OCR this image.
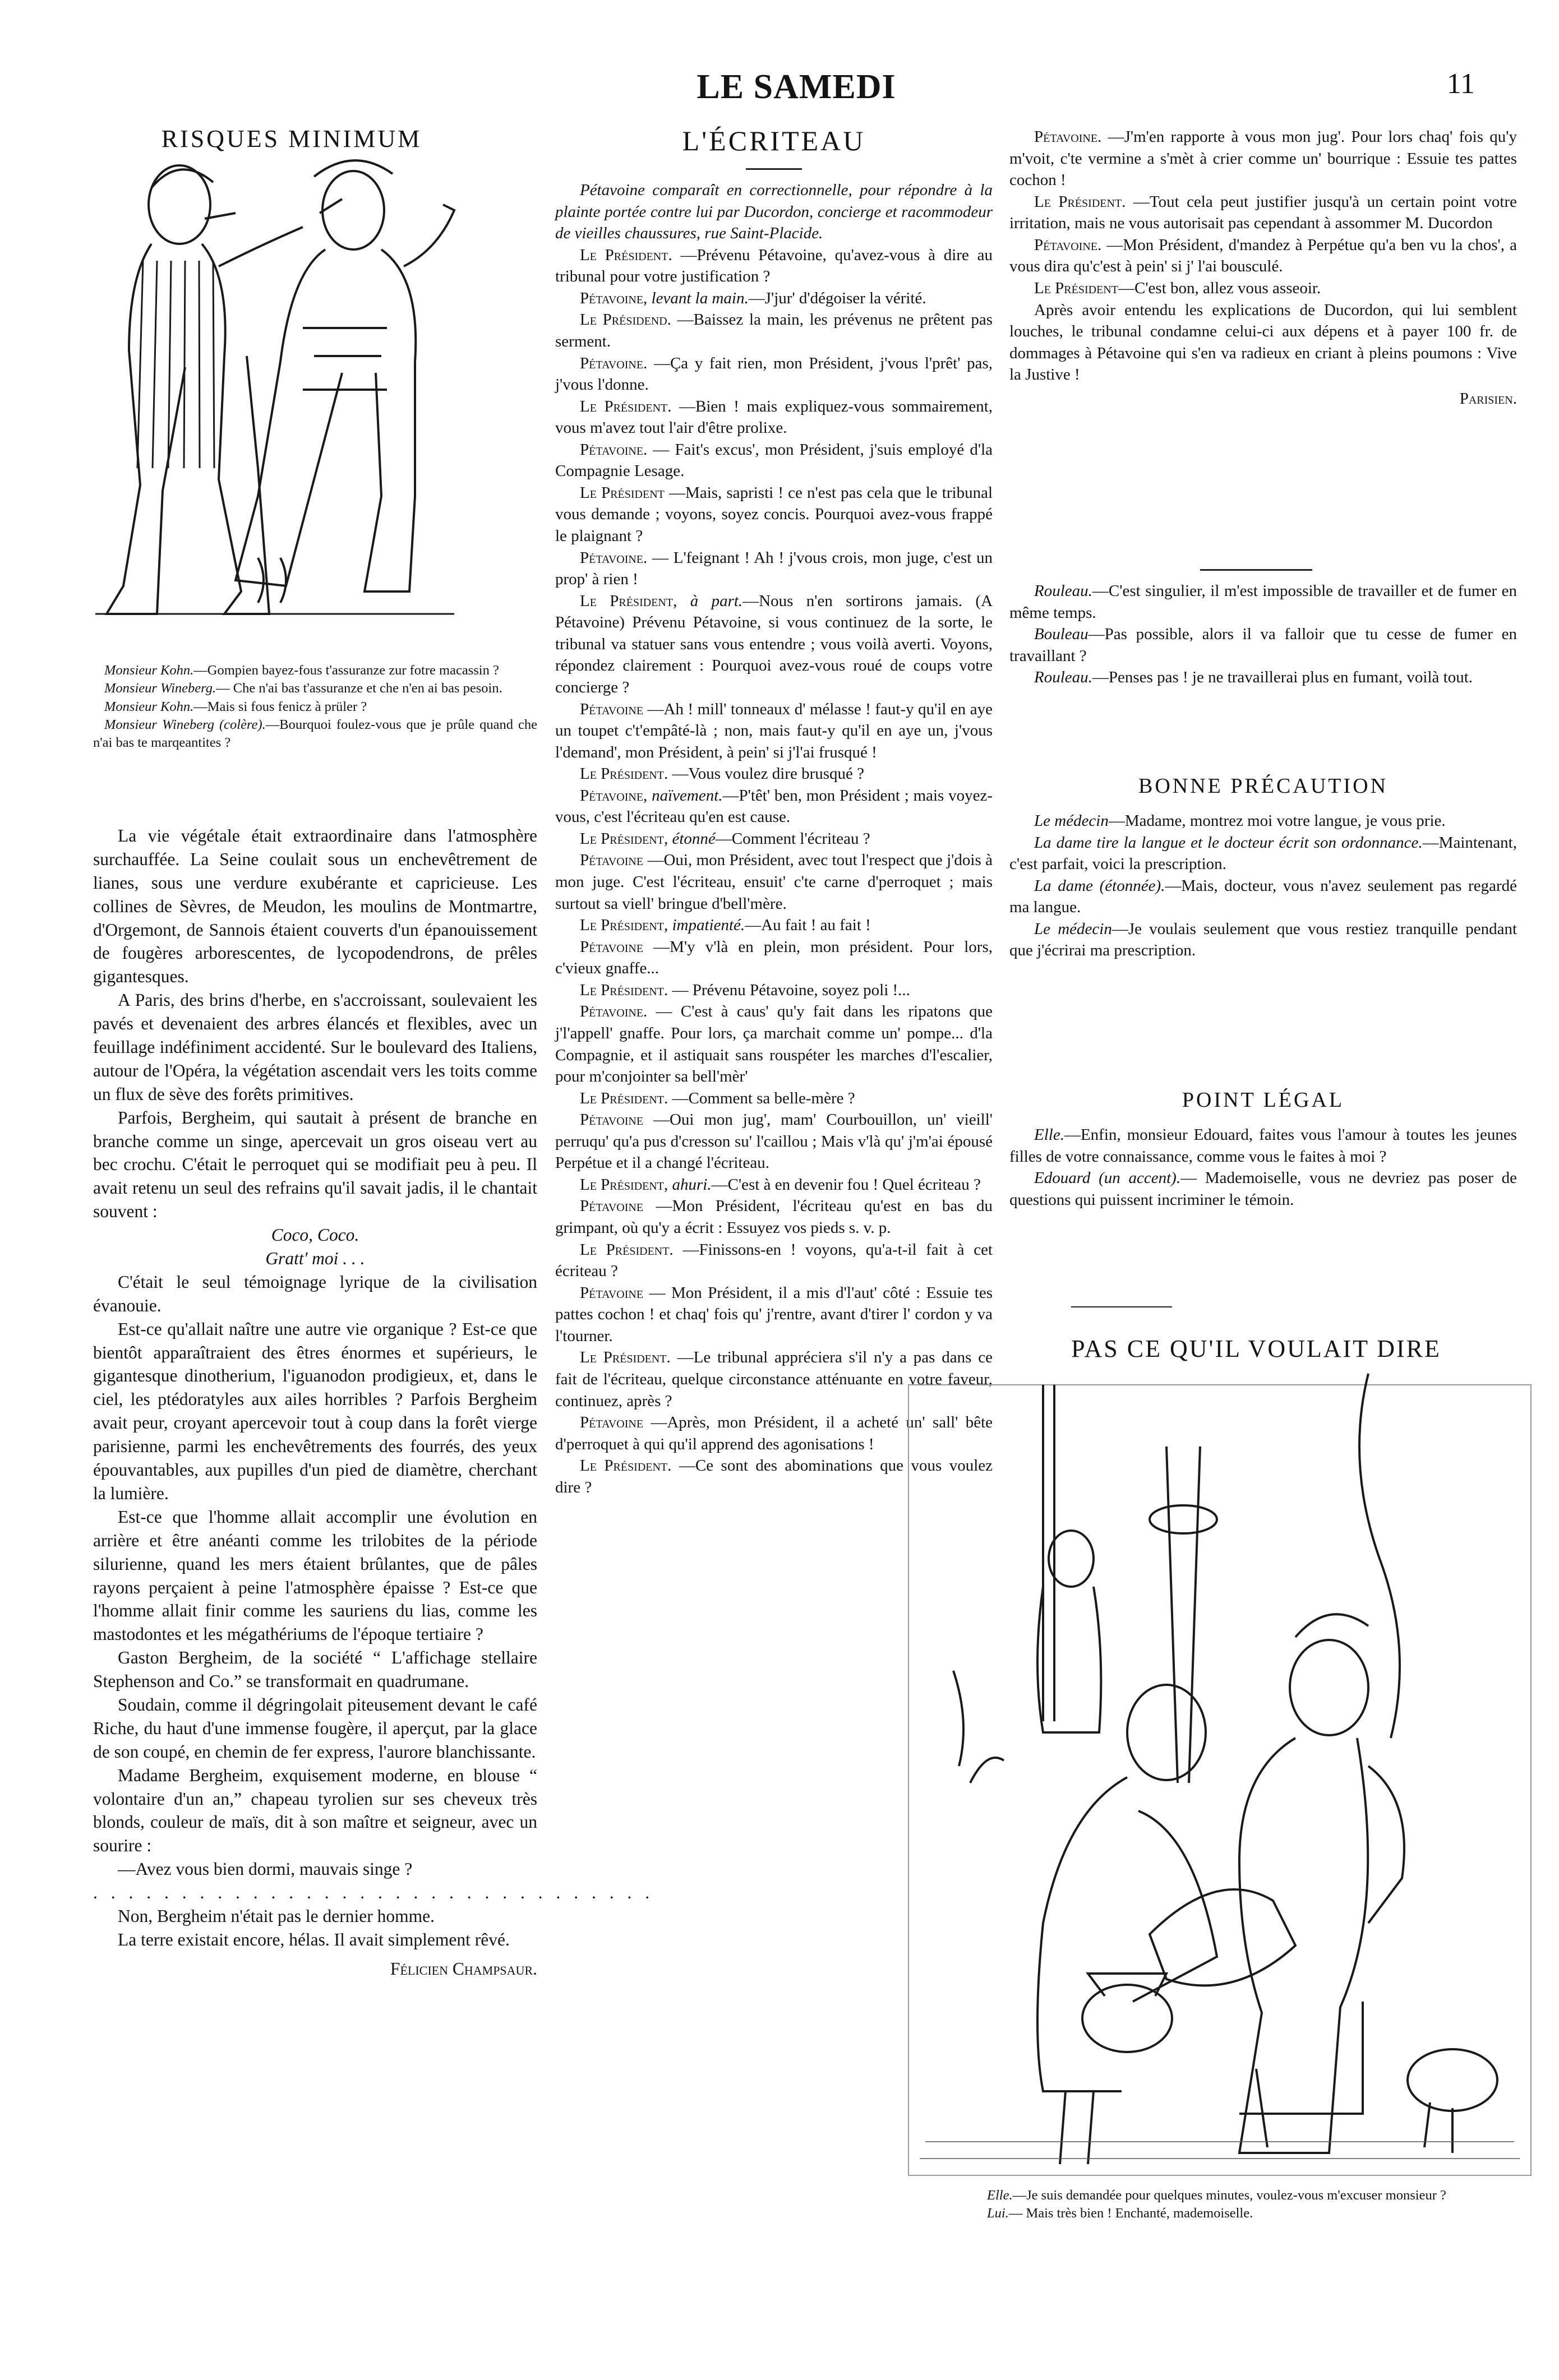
LE SAMEDI	11
RISQUES MINIMUM

Monsieur Kohn.—Gompien bayez-fous t'assuranze zur fotre macassin ?

Monsieur Wineberg.— Che n'ai bas t'assuranze et che n'en ai bas pesoin.

Monsieur Kohn.—Mais si fous fenicz à prüler ?

Monsieur Wineberg (colère).—Bourquoi foulez-vous que je prûle quand che n'ai bas te marqeantites ?

La vie végétale était extraordinaire dans l'atmosphère surchauffée. La Seine coulait sous un enchevêtrement de lianes, sous une verdure exubérante et capricieuse. Les collines de Sèvres, de Meudon, les moulins de Montmartre, d'Orgemont, de Sannois étaient couverts d'un épanouissement de fougères arborescentes, de lycopodendrons, de prêles gigantesques.

A Paris, des brins d'herbe, en s'accroissant, soulevaient les pavés et devenaient des arbres élancés et flexibles, avec un feuillage indéfiniment accidenté. Sur le boulevard des Italiens, autour de l'Opéra, la végétation ascendait vers les toits comme un flux de sève des forêts primitives.

Parfois, Bergheim, qui sautait à présent de branche en branche comme un singe, apercevait un gros oiseau vert au bec crochu. C'était le perroquet qui se modifiait peu à peu. Il avait retenu un seul des refrains qu'il savait jadis, il le chantait souvent :

Coco, Coco.

Gratt' moi . . .

C'était le seul témoignage lyrique de la civilisation évanouie.

Est-ce qu'allait naître une autre vie organique ? Est-ce que bientôt apparaîtraient des êtres énormes et supérieurs, le gigantesque dinotherium, l'iguanodon prodigieux, et, dans le ciel, les ptédoratyles aux ailes horribles ? Parfois Bergheim avait peur, croyant apercevoir tout à coup dans la forêt vierge parisienne, parmi les enchevêtrements des fourrés, des yeux épouvantables, aux pupilles d'un pied de diamètre, cherchant la lumière.

Est-ce que l'homme allait accomplir une évolution en arrière et être anéanti comme les trilobites de la période silurienne, quand les mers étaient brûlantes, que de pâles rayons perçaient à peine l'atmosphère épaisse ? Est-ce que l'homme allait finir comme les sauriens du lias, comme les mastodontes et les mégathériums de l'époque tertiaire ?

Gaston Bergheim, de la société “ L'affichage stellaire Stephenson and Co.” se transformait en quadrumane.

Soudain, comme il dégringolait piteusement devant le café Riche, du haut d'une immense fougère, il aperçut, par la glace de son coupé, en chemin de fer express, l'aurore blanchissante.

Madame Bergheim, exquisement moderne, en blouse “ volontaire d'un an,” chapeau tyrolien sur ses cheveux très blonds, couleur de maïs, dit à son maître et seigneur, avec un sourire :

—Avez vous bien dormi, mauvais singe ?

. . . . . . . . . . . . . . . . . . . . . . . . . . . . . . . .

Non, Bergheim n'était pas le dernier homme.

La terre existait encore, hélas. Il avait simplement rêvé.

Félicien Champsaur.

L'ÉCRITEAU

Pétavoine comparaît en correctionnelle, pour répondre à la plainte portée contre lui par Ducordon, concierge et racommodeur de vieilles chaussures, rue Saint-Placide.

Le Président. —Prévenu Pétavoine, qu'avez-vous à dire au tribunal pour votre justification ?

Pétavoine, levant la main.—J'jur' d'dégoiser la vérité.

Le Présidend. —Baissez la main, les prévenus ne prêtent pas serment.

Pétavoine. —Ça y fait rien, mon Président, j'vous l'prêt' pas, j'vous l'donne.

Le Président. —Bien ! mais expliquez-vous sommairement, vous m'avez tout l'air d'être prolixe.

Pétavoine. — Fait's excus', mon Président, j'suis employé d'la Compagnie Lesage.

Le Président —Mais, sapristi ! ce n'est pas cela que le tribunal vous demande ; voyons, soyez concis. Pourquoi avez-vous frappé le plaignant ?

Pétavoine. — L'feignant ! Ah ! j'vous crois, mon juge, c'est un prop' à rien !

Le Président, à part.—Nous n'en sortirons jamais. (A Pétavoine) Prévenu Pétavoine, si vous continuez de la sorte, le tribunal va statuer sans vous entendre ; vous voilà averti. Voyons, répondez clairement : Pourquoi avez-vous roué de coups votre concierge ?

Pétavoine —Ah ! mill' tonneaux d' mélasse ! faut-y qu'il en aye un toupet c't'empâté-là ; non, mais faut-y qu'il en aye un, j'vous l'demand', mon Président, à pein' si j'l'ai frusqué !

Le Président. —Vous voulez dire brusqué ?

Pétavoine, naïvement.—P'têt' ben, mon Président ; mais voyez-vous, c'est l'écriteau qu'en est cause.

Le Président, étonné—Comment l'écriteau ?

Pétavoine —Oui, mon Président, avec tout l'respect que j'dois à mon juge. C'est l'écriteau, ensuit' c'te carne d'perroquet ; mais surtout sa viell' bringue d'bell'mère.

Le Président, impatienté.—Au fait ! au fait !

Pétavoine —M'y v'là en plein, mon président. Pour lors, c'vieux gnaffe...

Le Président. — Prévenu Pétavoine, soyez poli !...

Pétavoine. — C'est à caus' qu'y fait dans les ripatons que j'l'appell' gnaffe. Pour lors, ça marchait comme un' pompe... d'la Compagnie, et il astiquait sans rouspéter les marches d'l'escalier, pour m'conjointer sa bell'mèr'

Le Président. —Comment sa belle-mère ?

Pétavoine —Oui mon jug', mam' Courbouillon, un' vieill' perruqu' qu'a pus d'cresson su' l'caillou ; Mais v'là qu' j'm'ai épousé Perpétue et il a changé l'écriteau.

Le Président, ahuri.—C'est à en devenir fou ! Quel écriteau ?

Pétavoine —Mon Président, l'écriteau qu'est en bas du grimpant, où qu'y a écrit : Essuyez vos pieds s. v. p.

Le Président. —Finissons-en ! voyons, qu'a-t-il fait à cet écriteau ?

Pétavoine — Mon Président, il a mis d'l'aut' côté : Essuie tes pattes cochon ! et chaq' fois qu' j'rentre, avant d'tirer l' cordon y va l'tourner.

Le Président. —Le tribunal appréciera s'il n'y a pas dans ce fait de l'écriteau, quelque circonstance atténuante en votre faveur, continuez, après ?

Pétavoine —Après, mon Président, il a acheté un' sall' bête d'perroquet à qui qu'il apprend des agonisations !

Le Président. —Ce sont des abominations que vous voulez dire ?

Pétavoine. —J'm'en rapporte à vous mon jug'. Pour lors chaq' fois qu'y m'voit, c'te vermine a s'mèt à crier comme un' bourrique : Essuie tes pattes cochon !

Le Président. —Tout cela peut justifier jusqu'à un certain point votre irritation, mais ne vous autorisait pas cependant à assommer M. Ducordon

Pétavoine. —Mon Président, d'mandez à Perpétue qu'a ben vu la chos', a vous dira qu'c'est à pein' si j' l'ai bousculé.

Le Président—C'est bon, allez vous asseoir.

Après avoir entendu les explications de Ducordon, qui lui semblent louches, le tribunal condamne celui-ci aux dépens et à payer 100 fr. de dommages à Pétavoine qui s'en va radieux en criant à pleins poumons : Vive la Justive !

Parisien.

Rouleau.—C'est singulier, il m'est impossible de travailler et de fumer en même temps.

Bouleau—Pas possible, alors il va falloir que tu cesse de fumer en travaillant ?

Rouleau.—Penses pas ! je ne travaillerai plus en fumant, voilà tout.

BONNE PRÉCAUTION

Le médecin—Madame, montrez moi votre langue, je vous prie.

La dame tire la langue et le docteur écrit son ordonnance.—Maintenant, c'est parfait, voici la prescription.

La dame (étonnée).—Mais, docteur, vous n'avez seulement pas regardé ma langue.

Le médecin—Je voulais seulement que vous restiez tranquille pendant que j'écrirai ma prescription.

POINT LÉGAL

Elle.—Enfin, monsieur Edouard, faites vous l'amour à toutes les jeunes filles de votre connaissance, comme vous le faites à moi ?

Edouard (un accent).— Mademoiselle, vous ne devriez pas poser de questions qui puissent incriminer le témoin.

PAS CE QU'IL VOULAIT DIRE

Elle.—Je suis demandée pour quelques minutes, voulez-vous m'excuser monsieur ?

Lui.— Mais très bien ! Enchanté, mademoiselle.
